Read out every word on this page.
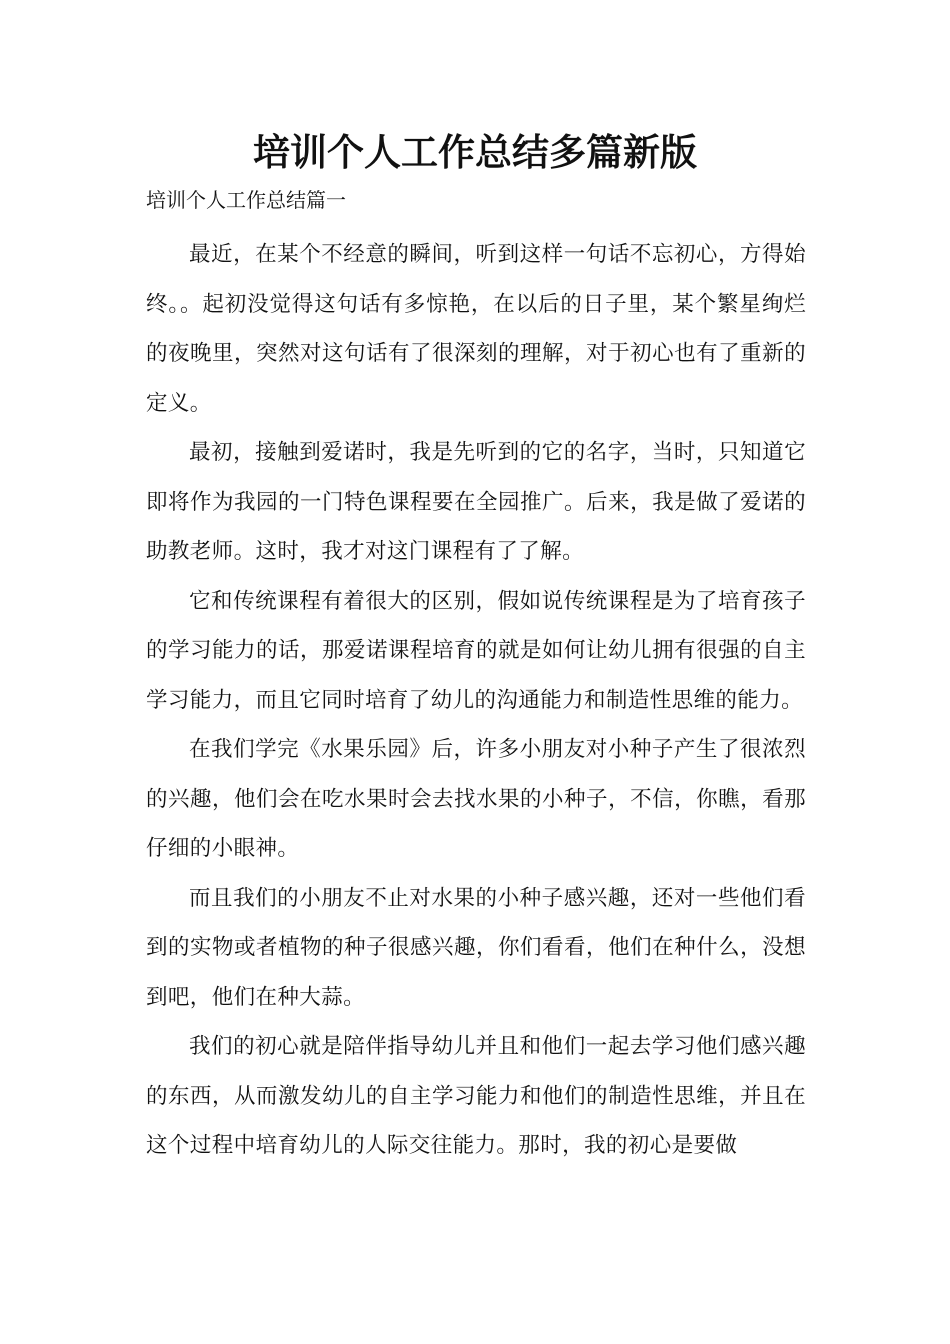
培训个人工作总结多篇新版

培训个人工作总结篇一

最近，在某个不经意的瞬间，听到这样一句话不忘初心，方得始终。。起初没觉得这句话有多惊艳，在以后的日子里，某个繁星绚烂的夜晚里，突然对这句话有了很深刻的理解，对于初心也有了重新的定义。

最初，接触到爱诺时，我是先听到的它的名字，当时，只知道它即将作为我园的一门特色课程要在全园推广。后来，我是做了爱诺的助教老师。这时，我才对这门课程有了了解。

它和传统课程有着很大的区别，假如说传统课程是为了培育孩子的学习能力的话，那爱诺课程培育的就是如何让幼儿拥有很强的自主学习能力，而且它同时培育了幼儿的沟通能力和制造性思维的能力。

在我们学完《水果乐园》后，许多小朋友对小种子产生了很浓烈的兴趣，他们会在吃水果时会去找水果的小种子，不信，你瞧，看那仔细的小眼神。

而且我们的小朋友不止对水果的小种子感兴趣，还对一些他们看到的实物或者植物的种子很感兴趣，你们看看，他们在种什么，没想到吧，他们在种大蒜。

我们的初心就是陪伴指导幼儿并且和他们一起去学习他们感兴趣的东西，从而激发幼儿的自主学习能力和他们的制造性思维，并且在这个过程中培育幼儿的人际交往能力。那时，我的初心是要做
